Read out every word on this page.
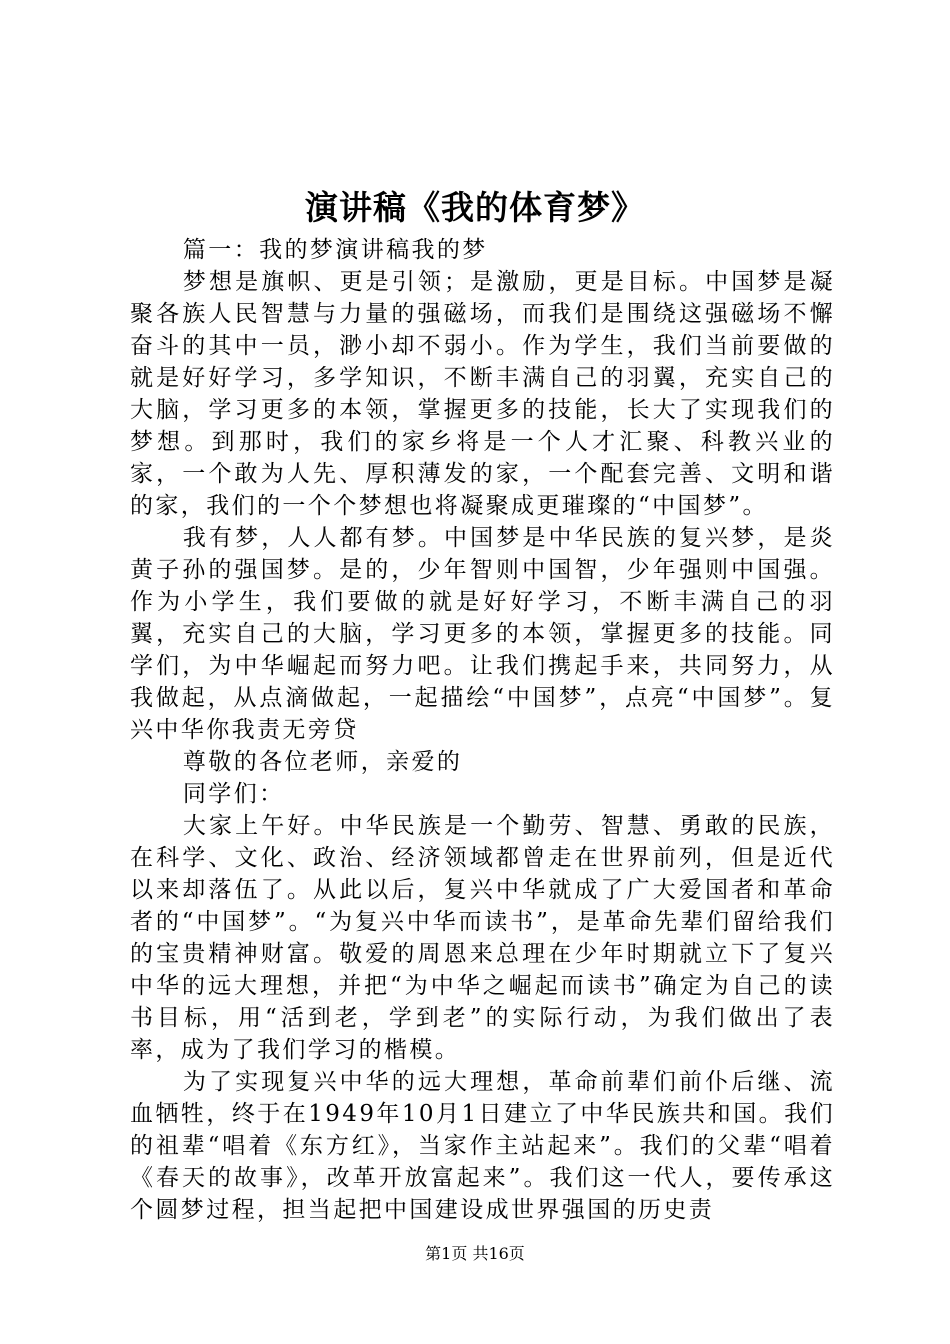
演讲稿《我的体育梦》

篇一：我的梦演讲稿我的梦

梦想是旗帜、更是引领；是激励，更是目标。中国梦是凝聚各族人民智慧与力量的强磁场，而我们是围绕这强磁场不懈奋斗的其中一员，渺小却不弱小。作为学生，我们当前要做的就是好好学习，多学知识，不断丰满自己的羽翼，充实自己的大脑，学习更多的本领，掌握更多的技能，长大了实现我们的梦想。到那时，我们的家乡将是一个人才汇聚、科教兴业的家，一个敢为人先、厚积薄发的家，一个配套完善、文明和谐的家，我们的一个个梦想也将凝聚成更璀璨的“中国梦”。

我有梦，人人都有梦。中国梦是中华民族的复兴梦，是炎黄子孙的强国梦。是的，少年智则中国智，少年强则中国强。作为小学生，我们要做的就是好好学习，不断丰满自己的羽翼，充实自己的大脑，学习更多的本领，掌握更多的技能。同学们，为中华崛起而努力吧。让我们携起手来，共同努力，从我做起，从点滴做起，一起描绘“中国梦”，点亮“中国梦”。复兴中华你我责无旁贷

尊敬的各位老师，亲爱的

同学们：

大家上午好。中华民族是一个勤劳、智慧、勇敢的民族，在科学、文化、政治、经济领域都曾走在世界前列，但是近代以来却落伍了。从此以后，复兴中华就成了广大爱国者和革命者的“中国梦”。“为复兴中华而读书”，是革命先辈们留给我们的宝贵精神财富。敬爱的周恩来总理在少年时期就立下了复兴中华的远大理想，并把“为中华之崛起而读书”确定为自己的读书目标，用“活到老，学到老”的实际行动，为我们做出了表率，成为了我们学习的楷模。

为了实现复兴中华的远大理想，革命前辈们前仆后继、流血牺牲，终于在1949年10月1日建立了中华民族共和国。我们的祖辈“唱着《东方红》，当家作主站起来”。我们的父辈“唱着《春天的故事》，改革开放富起来”。我们这一代人，要传承这个圆梦过程，担当起把中国建设成世界强国的历史责

第1页 共16页
